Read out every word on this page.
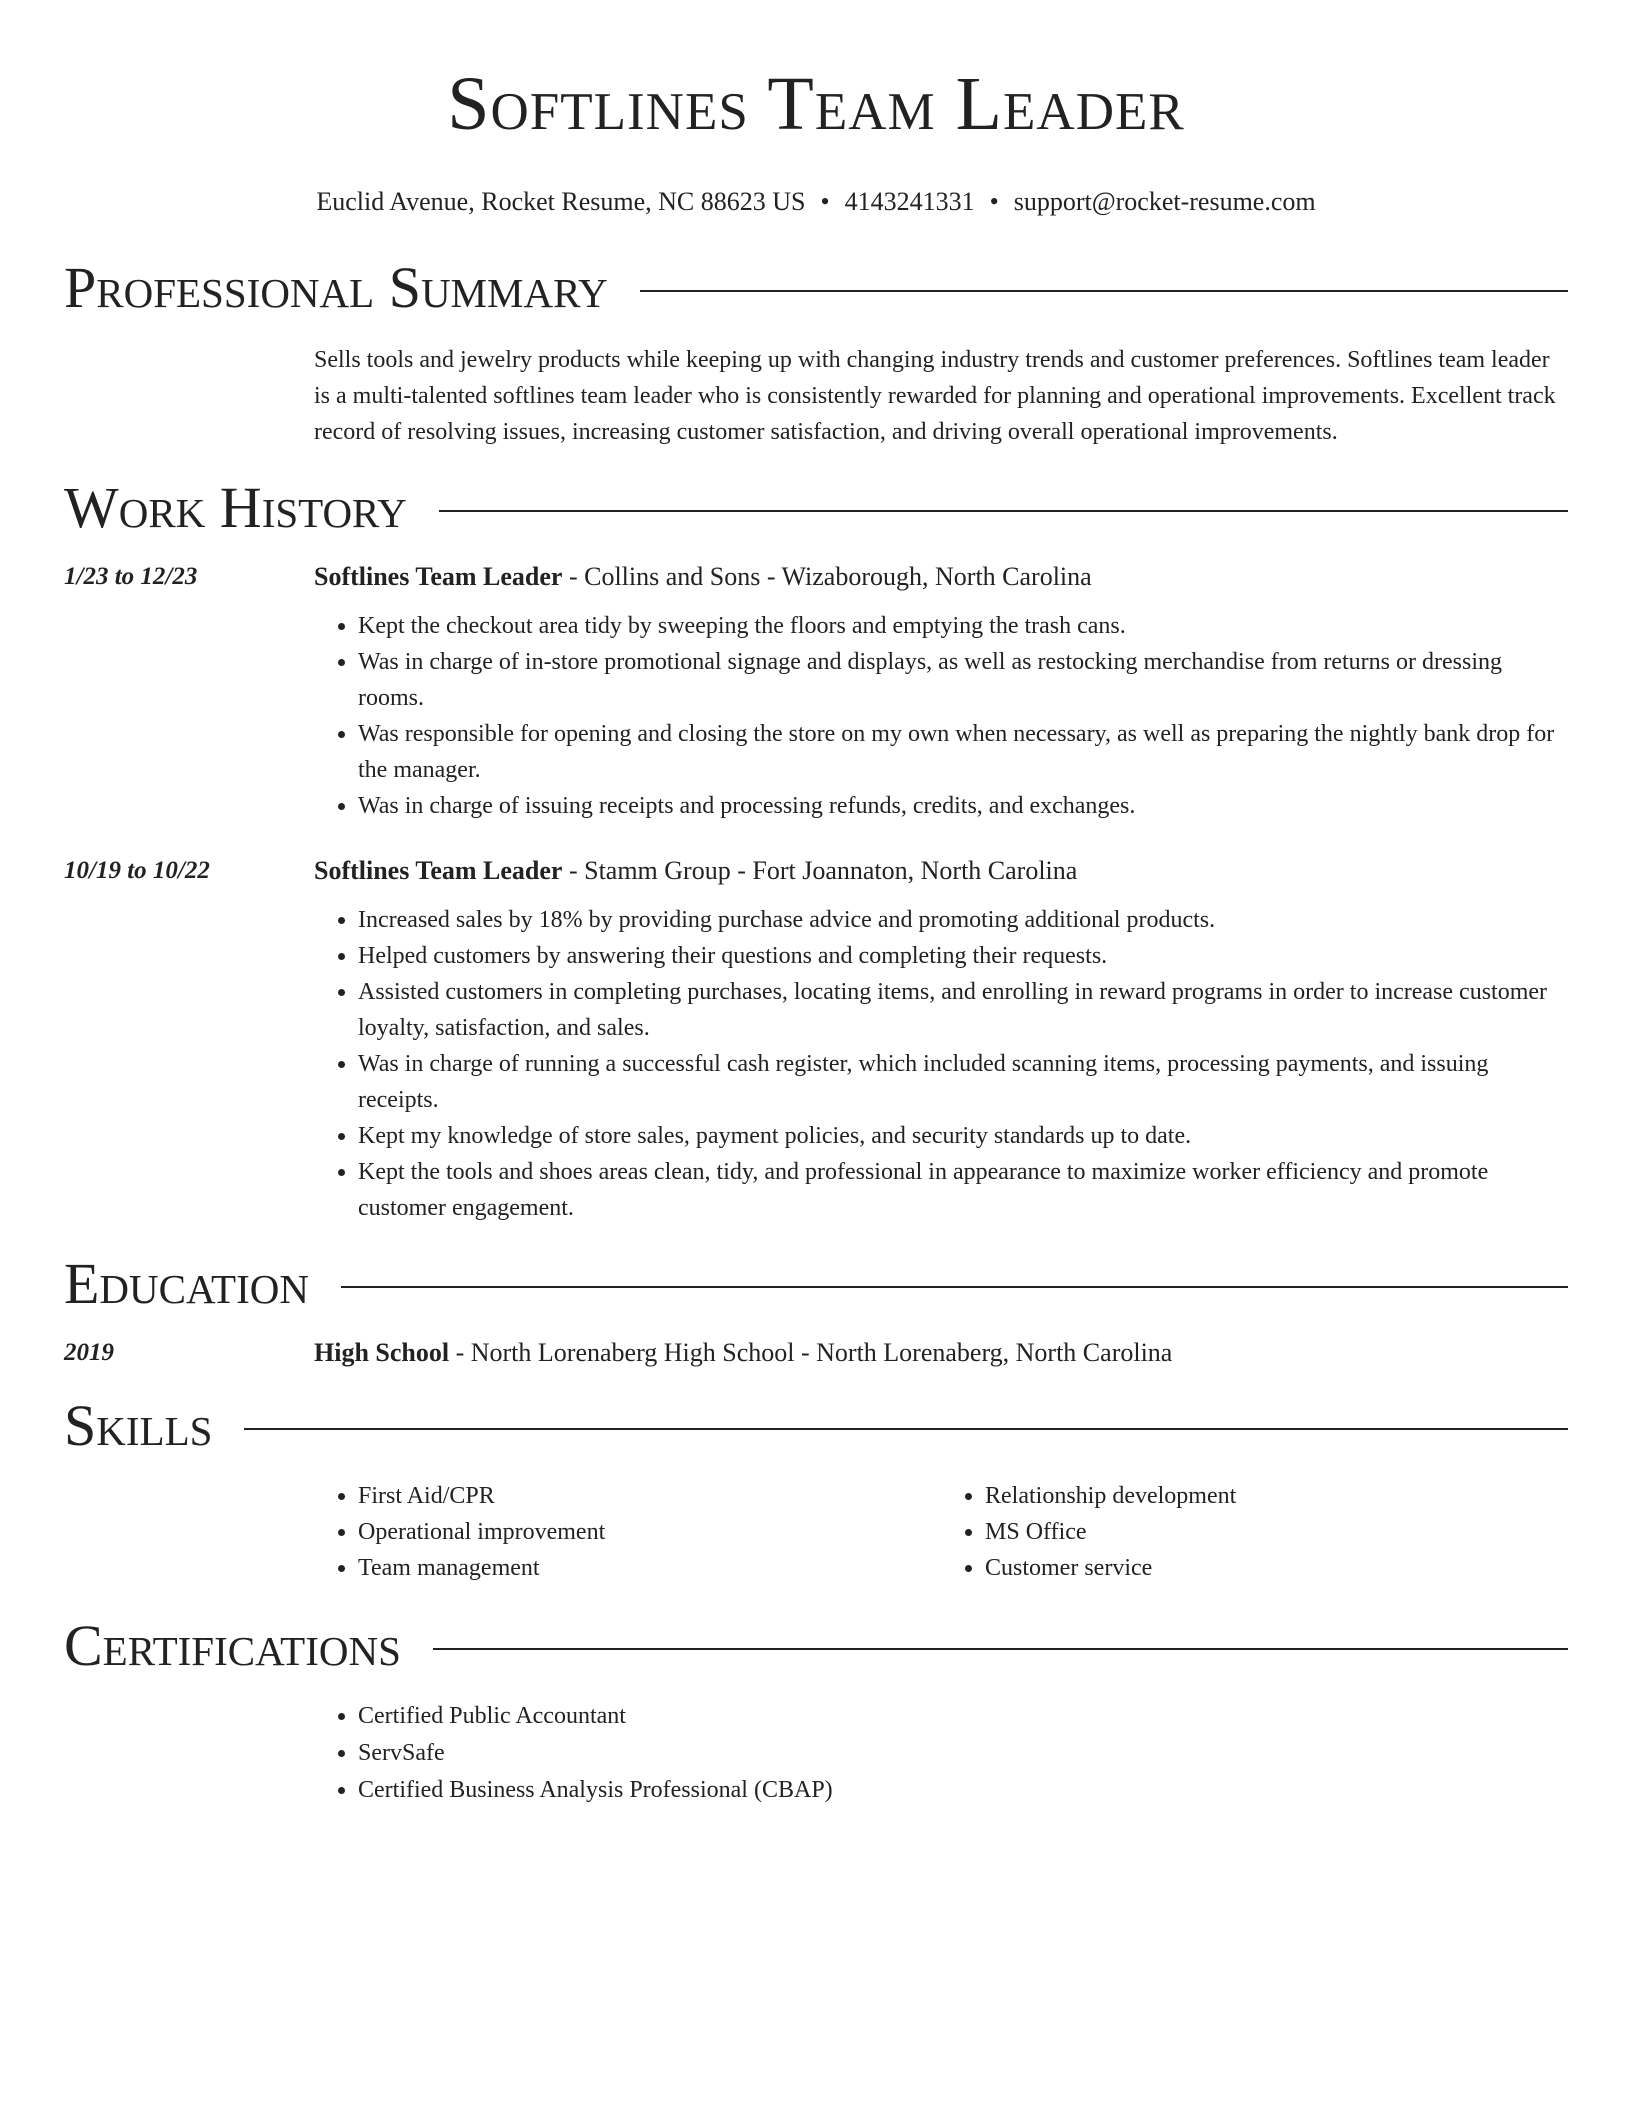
Softlines Team Leader
Euclid Avenue, Rocket Resume, NC 88623 US • 4143241331 • support@rocket-resume.com
Professional Summary
Sells tools and jewelry products while keeping up with changing industry trends and customer preferences. Softlines team leader is a multi-talented softlines team leader who is consistently rewarded for planning and operational improvements. Excellent track record of resolving issues, increasing customer satisfaction, and driving overall operational improvements.
Work History
1/23 to 12/23	Softlines Team Leader - Collins and Sons - Wizaborough, North Carolina
• Kept the checkout area tidy by sweeping the floors and emptying the trash cans.
• Was in charge of in-store promotional signage and displays, as well as restocking merchandise from returns or dressing rooms.
• Was responsible for opening and closing the store on my own when necessary, as well as preparing the nightly bank drop for the manager.
• Was in charge of issuing receipts and processing refunds, credits, and exchanges.
10/19 to 10/22	Softlines Team Leader - Stamm Group - Fort Joannaton, North Carolina
• Increased sales by 18% by providing purchase advice and promoting additional products.
• Helped customers by answering their questions and completing their requests.
• Assisted customers in completing purchases, locating items, and enrolling in reward programs in order to increase customer loyalty, satisfaction, and sales.
• Was in charge of running a successful cash register, which included scanning items, processing payments, and issuing receipts.
• Kept my knowledge of store sales, payment policies, and security standards up to date.
• Kept the tools and shoes areas clean, tidy, and professional in appearance to maximize worker efficiency and promote customer engagement.
Education
2019	High School - North Lorenaberg High School - North Lorenaberg, North Carolina
Skills
• First Aid/CPR
• Operational improvement
• Team management
• Relationship development
• MS Office
• Customer service
Certifications
• Certified Public Accountant
• ServSafe
• Certified Business Analysis Professional (CBAP)
